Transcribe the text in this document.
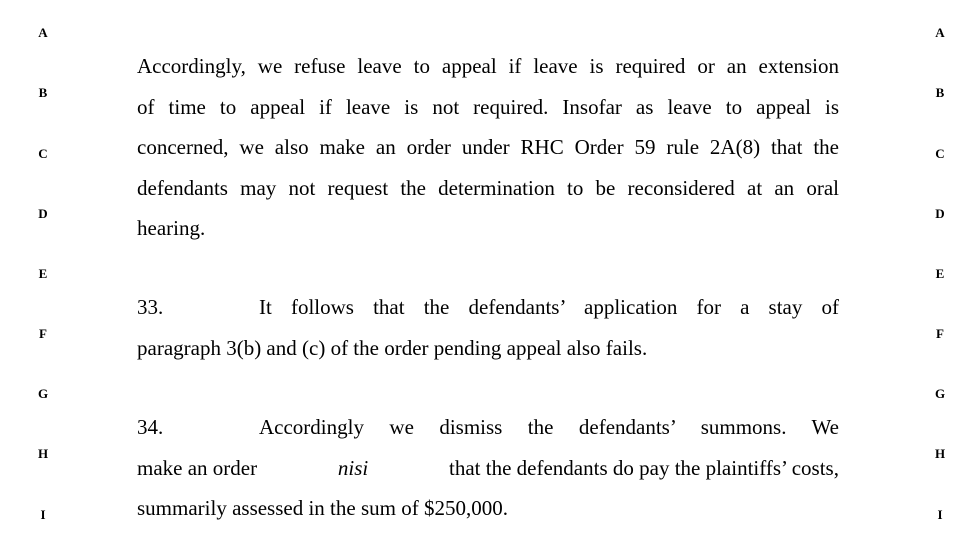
A
B
C
D
E
F
G
H
I
A
B
C
D
E
F
G
H
I
Accordingly, we refuse leave to appeal if leave is required or an extension
of time to appeal if leave is not required. Insofar as leave to appeal is
concerned, we also make an order under RHC Order 59 rule 2A(8) that the
defendants may not request the determination to be reconsidered at an oral
hearing.
33.	It follows that the defendants’ application for a stay of
paragraph 3(b) and (c) of the order pending appeal also fails.
34.	Accordingly we dismiss the defendants’ summons. We
make an order	nisi	that the defendants do pay the plaintiffs’ costs,
summarily assessed in the sum of $250,000.
